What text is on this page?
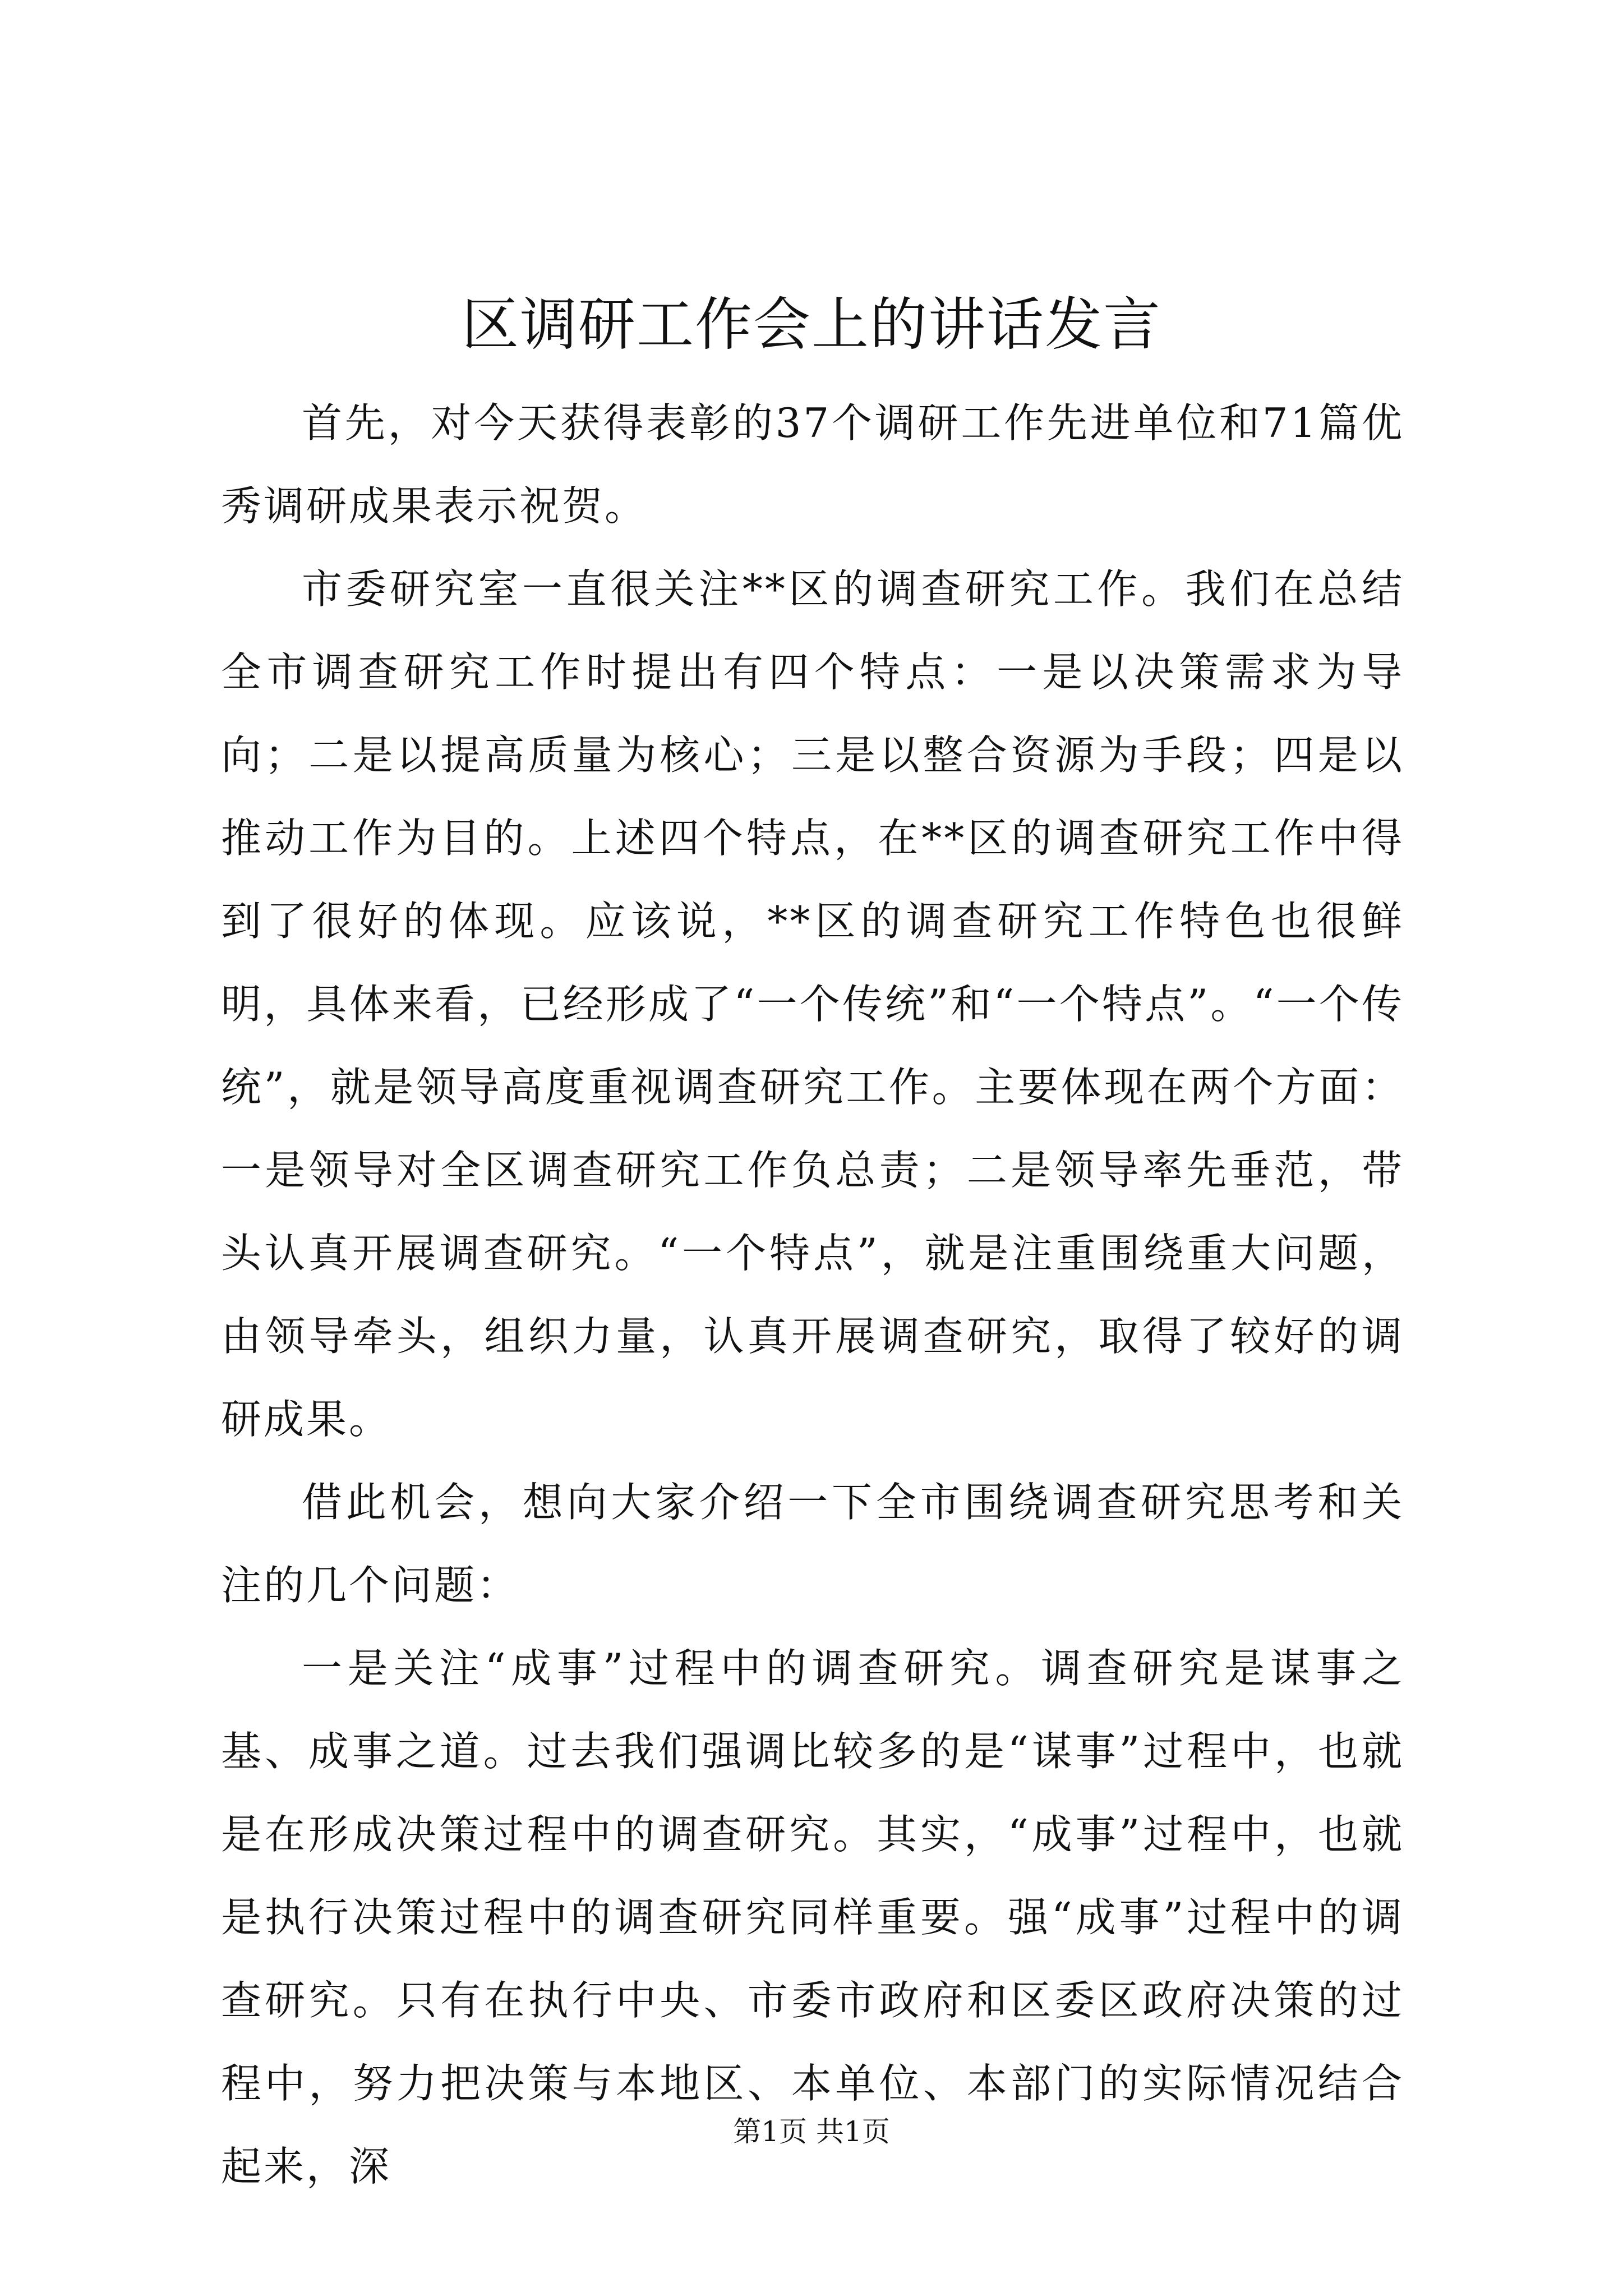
区调研工作会上的讲话发言

首先，对今天获得表彰的37个调研工作先进单位和71篇优秀调研成果表示祝贺。

市委研究室一直很关注**区的调查研究工作。我们在总结全市调查研究工作时提出有四个特点：一是以决策需求为导向；二是以提高质量为核心；三是以整合资源为手段；四是以推动工作为目的。上述四个特点，在**区的调查研究工作中得到了很好的体现。应该说，**区的调查研究工作特色也很鲜明，具体来看，已经形成了“一个传统”和“一个特点”。“一个传统”，就是领导高度重视调查研究工作。主要体现在两个方面：一是领导对全区调查研究工作负总责；二是领导率先垂范，带头认真开展调查研究。“一个特点”，就是注重围绕重大问题，由领导牵头，组织力量，认真开展调查研究，取得了较好的调研成果。

借此机会，想向大家介绍一下全市围绕调查研究思考和关注的几个问题：

一是关注“成事”过程中的调查研究。调查研究是谋事之基、成事之道。过去我们强调比较多的是“谋事”过程中，也就是在形成决策过程中的调查研究。其实，“成事”过程中，也就是执行决策过程中的调查研究同样重要。强“成事”过程中的调查研究。只有在执行中央、市委市政府和区委区政府决策的过程中，努力把决策与本地区、本单位、本部门的实际情况结合起来，深

第1页 共1页
